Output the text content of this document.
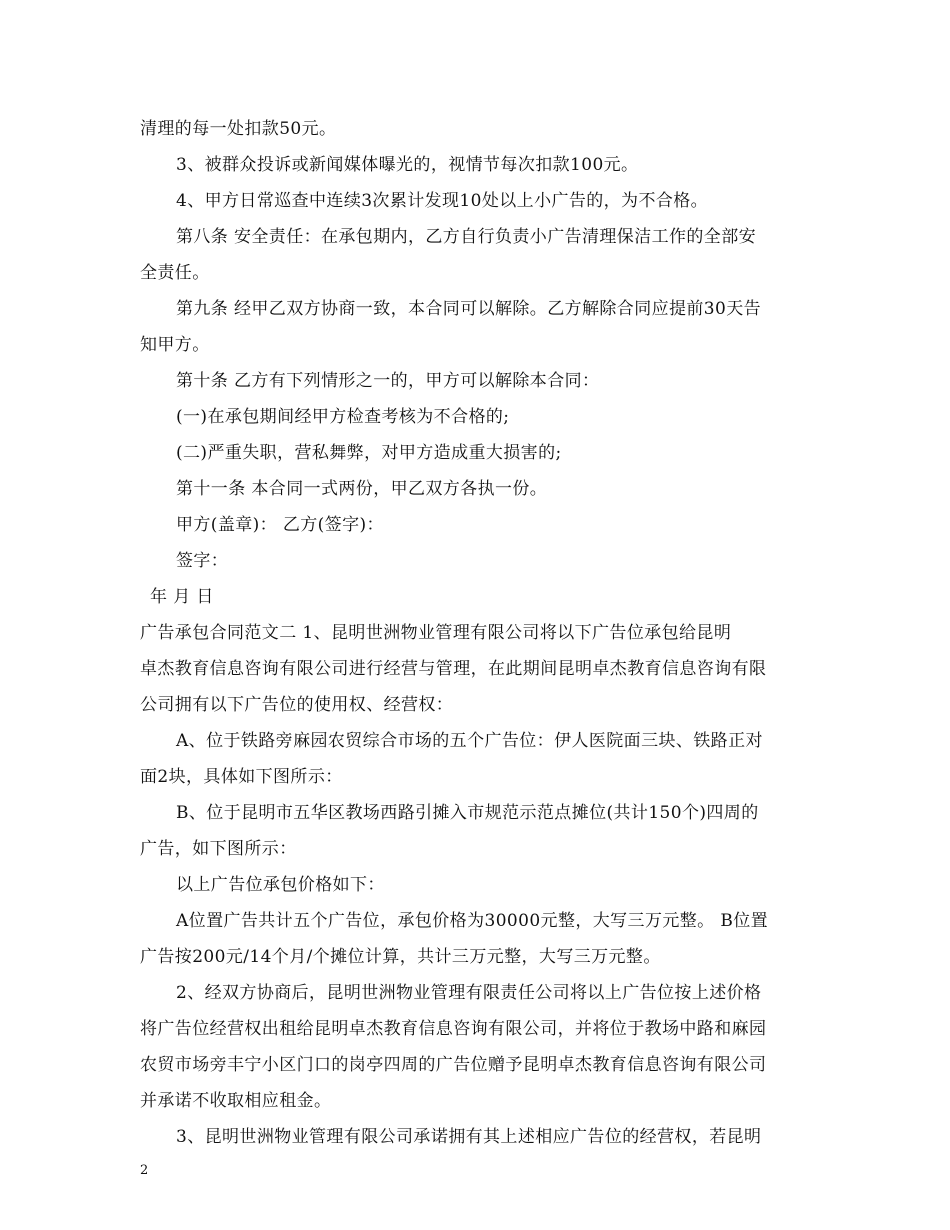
清理的每一处扣款50元。
3、被群众投诉或新闻媒体曝光的，视情节每次扣款100元。
4、甲方日常巡查中连续3次累计发现10处以上小广告的，为不合格。
第八条 安全责任：在承包期内，乙方自行负责小广告清理保洁工作的全部安
全责任。
第九条 经甲乙双方协商一致，本合同可以解除。乙方解除合同应提前30天告
知甲方。
第十条 乙方有下列情形之一的，甲方可以解除本合同：
(一)在承包期间经甲方检查考核为不合格的;
(二)严重失职，营私舞弊，对甲方造成重大损害的;
第十一条 本合同一式两份，甲乙双方各执一份。
甲方(盖章)： 乙方(签字)：
签字：
年 月 日
广告承包合同范文二 1、昆明世洲物业管理有限公司将以下广告位承包给昆明
卓杰教育信息咨询有限公司进行经营与管理，在此期间昆明卓杰教育信息咨询有限
公司拥有以下广告位的使用权、经营权：
A、位于铁路旁麻园农贸综合市场的五个广告位：伊人医院面三块、铁路正对
面2块，具体如下图所示：
B、位于昆明市五华区教场西路引摊入市规范示范点摊位(共计150个)四周的
广告，如下图所示：
以上广告位承包价格如下：
A位置广告共计五个广告位，承包价格为30000元整，大写三万元整。 B位置
广告按200元/14个月/个摊位计算，共计三万元整，大写三万元整。
2、经双方协商后，昆明世洲物业管理有限责任公司将以上广告位按上述价格
将广告位经营权出租给昆明卓杰教育信息咨询有限公司，并将位于教场中路和麻园
农贸市场旁丰宁小区门口的岗亭四周的广告位赠予昆明卓杰教育信息咨询有限公司
并承诺不收取相应租金。
3、昆明世洲物业管理有限公司承诺拥有其上述相应广告位的经营权，若昆明
2
